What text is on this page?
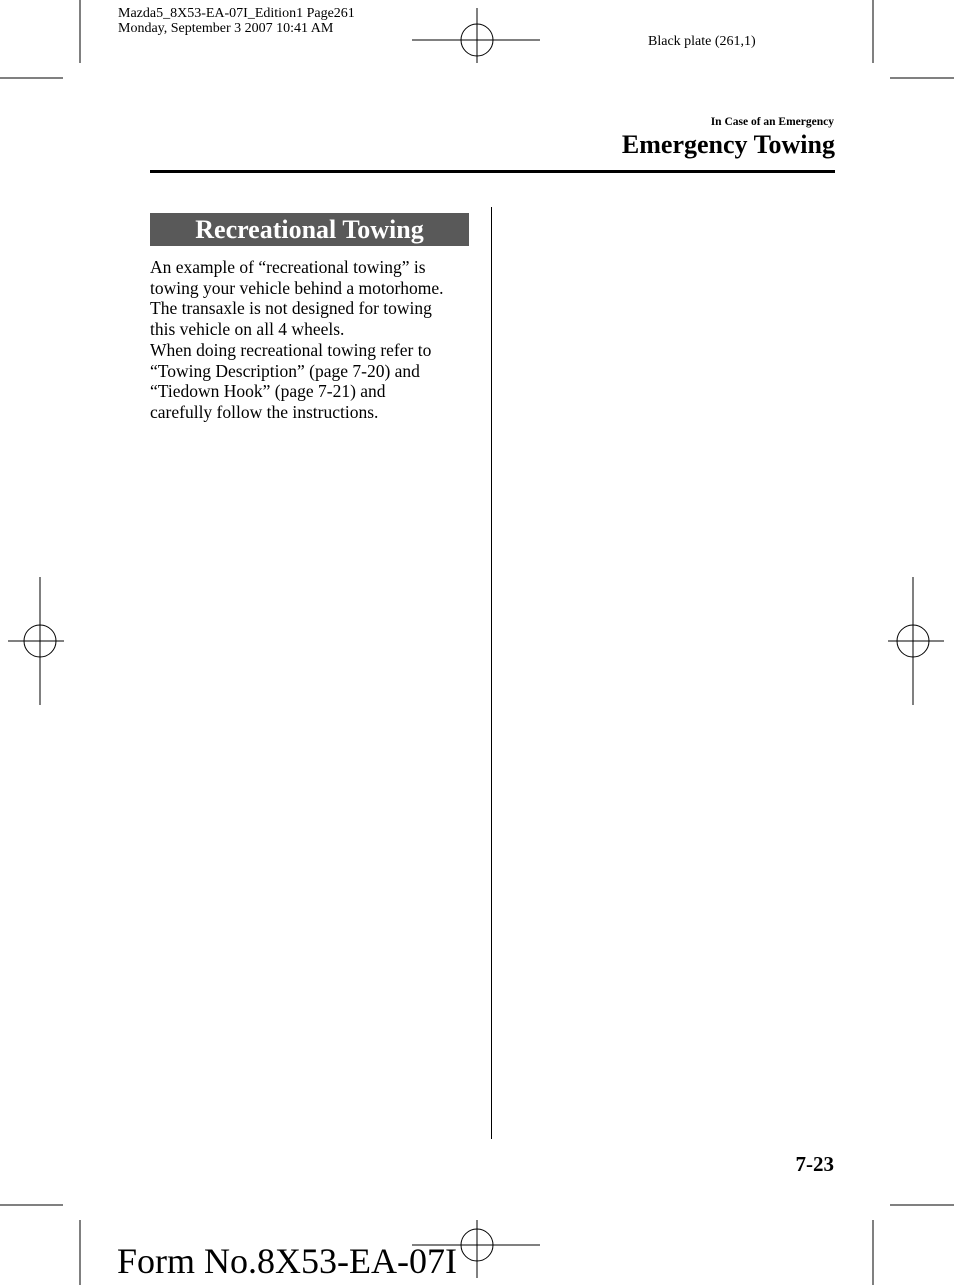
Mazda5_8X53-EA-07I_Edition1 Page261
Monday, September 3 2007 10:41 AM
Black plate (261,1)
In Case of an Emergency
Emergency Towing
Recreational Towing

An example of “recreational towing” is

towing your vehicle behind a motorhome.

The transaxle is not designed for towing

this vehicle on all 4 wheels.

When doing recreational towing refer to

“Towing Description” (page 7-20) and

“Tiedown Hook” (page 7-21) and

carefully follow the instructions.

7-23
Form No.8X53-EA-07I
